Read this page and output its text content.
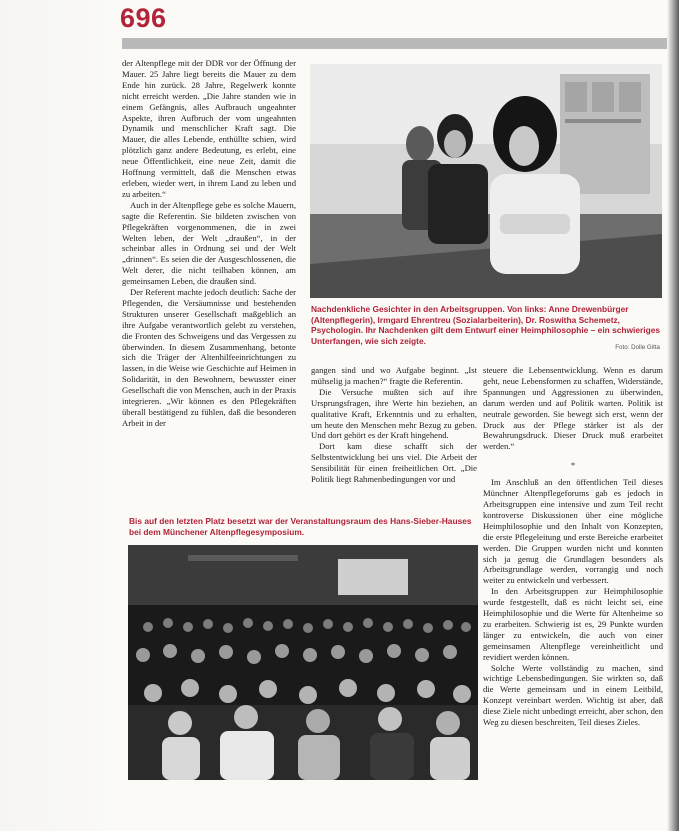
696

der Altenpflege mit der DDR vor der Öffnung der Mauer. 25 Jahre liegt bereits die Mauer zu dem Ende hin zurück. 28 Jahre, Regelwerk konnte nicht erreicht werden. „Die Jahre standen wie in einem Gefängnis, alles Aufbrauch ungeahnter Aspekte, ihren Aufbruch der vom ungeahnten Dynamik und menschlicher Kraft sagt. Die Mauer, die alles Lebende, enthüllte schien, wird plötzlich ganz andere Bedeutung, es erlebt, eine neue Öffentlichkeit, eine neue Zeit, damit die Hoffnung vermittelt, daß die Menschen etwas erleben, wieder wert, in ihrem Land zu leben und zu arbeiten.“

Auch in der Altenpflege gebe es solche Mauern, sagte die Referentin. Sie bildeten zwischen von Pflegekräften vorgenommenen, die in zwei Welten leben, der Welt „draußen“, in der scheinbar alles in Ordnung sei und der Welt „drinnen“. Es seien die der Ausgeschlossenen, die Welt derer, die nicht teilhaben können, am gemeinsamen Leben, die draußen sind.

Der Referent machte jedoch deutlich: Sache der Pflegenden, die Versäumnisse und bestehenden Strukturen unserer Gesellschaft maßgeblich an ihre Aufgabe verantwortlich gelebt zu verstehen, die Fronten des Schweigens und das Vergessen zu überwinden. In diesem Zusammenhang, betonte sich die Träger der Altenhilfeeinrichtungen zu lassen, in die Weise wie Geschichte auf Heimen in Solidarität, in den Bewohnern, bewusster einer Gesellschaft die von Menschen, auch in der Praxis integrieren. „Wir können es den Pflegekräften überall bestätigend zu fühlen, daß die besonderen Arbeit in der

Nachdenkliche Gesichter in den Arbeitsgruppen. Von links: Anne Drewenbürger (Altenpflegerin), Irmgard Ehrentreu (Sozialarbeiterin), Dr. Roswitha Schemetz, Psychologin. Ihr Nachdenken gilt dem Entwurf einer Heimphilosophie – ein schwieriges Unterfangen, wie sich zeigte.
Foto: Dolle Gitta

gangen sind und wo Aufgabe beginnt. „Ist mühselig ja machen?“ fragte die Referentin.

Die Versuche mußten sich auf ihre Ursprungsfragen, ihre Werte hin beziehen, an qualitative Kraft, Erkenntnis und zu erhalten, um heute den Menschen mehr Bezug zu geben. Und dort gehört es der Kraft hingehend.

Dort kam diese schafft sich der Selbstentwicklung bei uns viel. Die Arbeit der Sensibilität für einen freiheitlichen Ort. „Die Politik liegt Rahmenbedingungen vor und

steuere die Lebensentwicklung. Wenn es darum geht, neue Lebensformen zu schaffen, Widerstände, Spannungen und Aggressionen zu überwinden, darum werden und auf Politik warten. Politik ist neutrale geworden. Sie bewegt sich erst, wenn der Druck aus der Pflege stärker ist als der Bewahrungsdruck. Dieser Druck muß erarbeitet werden.“

*

Im Anschluß an den öffentlichen Teil dieses Münchner Altenpflegeforums gab es jedoch in Arbeitsgruppen eine intensive und zum Teil recht kontroverse Diskussionen über eine mögliche Heimphilosophie und den Inhalt von Konzepten, die erste Pflegeleitung und erste Bereiche erarbeitet werden. Die Gruppen wurden nicht und konnten sich ja genug die Grundlagen besonders als Arbeitsgrundlage werden, vorrangig und noch weiter zu entwickeln und verbessert.

In den Arbeitsgruppen zur Heimphilosophie wurde festgestellt, daß es nicht leicht sei, eine Heimphilosophie und die Werte für Altenheime so zu erarbeiten. Schwierig ist es, 29 Punkte wurden länger zu entwickeln, die auch von einer gemeinsamen Altenpflege vereinheitlicht und revidiert werden können.

Solche Werte vollständig zu machen, sind wichtige Lebensbedingungen. Sie wirkten so, daß die Werte gemeinsam und in einem Leitbild, Konzept vereinbart werden. Wichtig ist aber, daß diese Ziele nicht unbedingt erreicht, aber schon, den Weg zu diesen beschreiten, Teil dieses Zieles.

Bis auf den letzten Platz besetzt war der Veranstaltungsraum des Hans-Sieber-Hauses bei dem Münchener Altenpflegesymposium.
